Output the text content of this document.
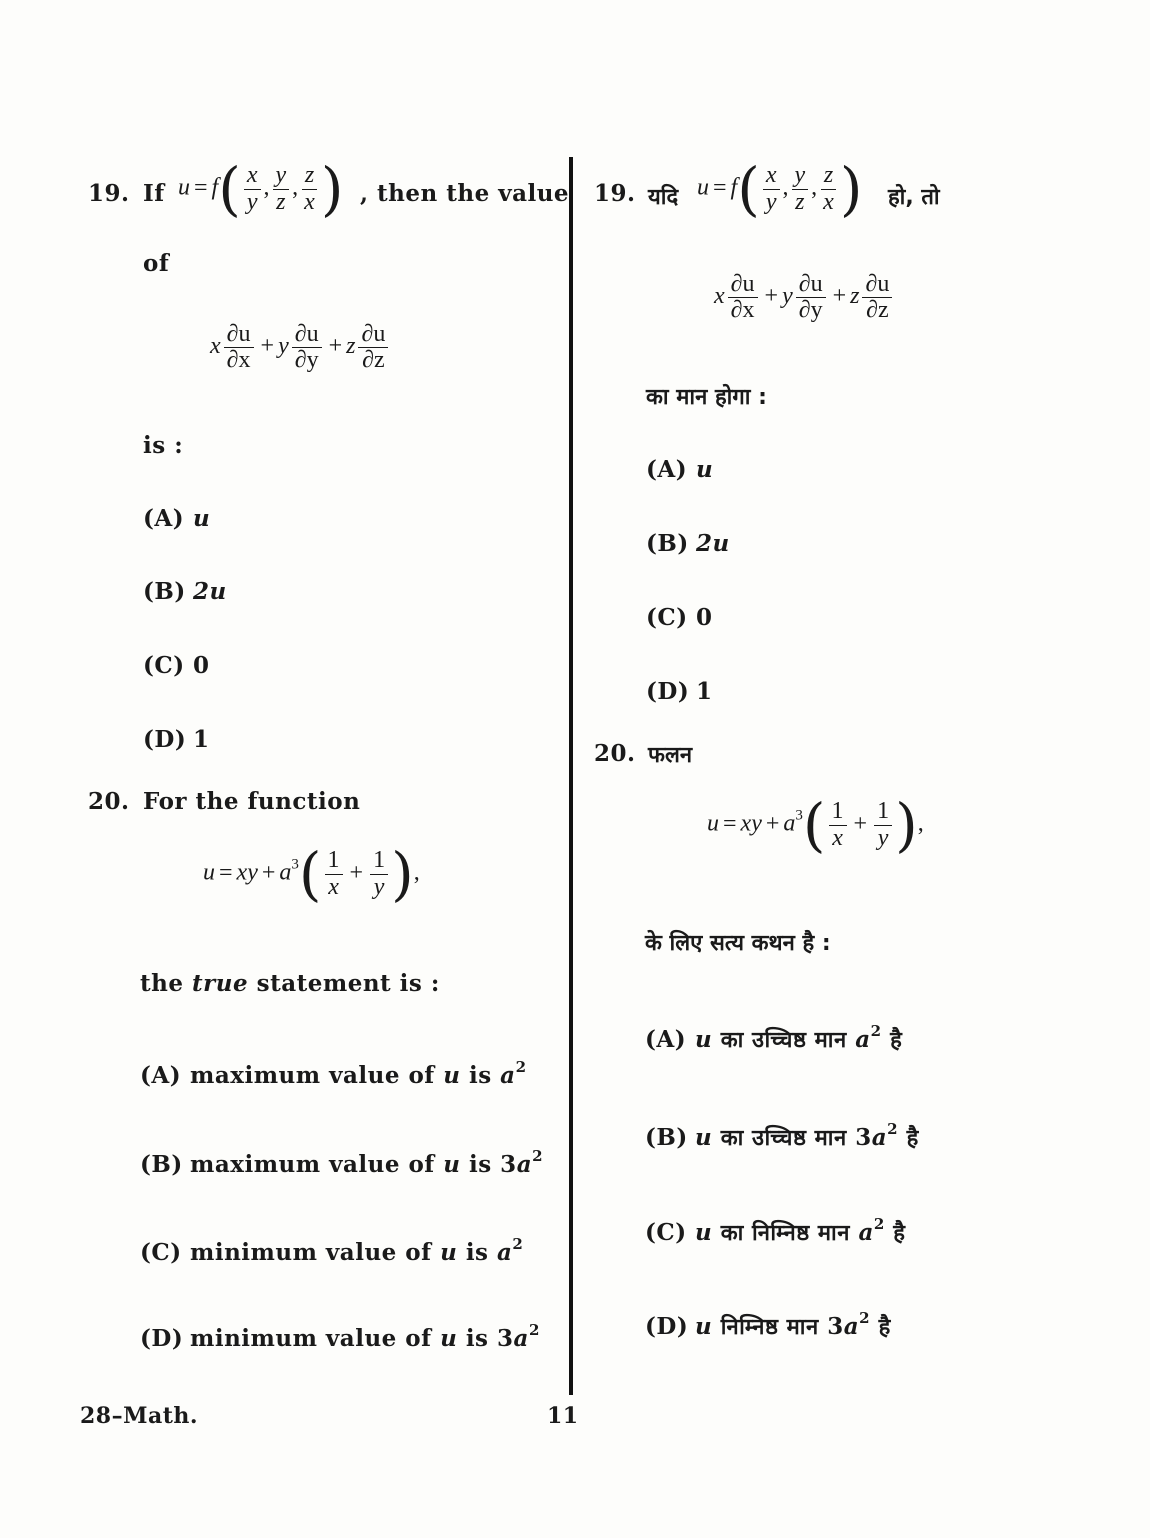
19. If $u = f( \frac{x}{y}$ , $\frac{y}{z}$ , $\frac{z}{x}$ ) , then the value
of
x $\frac{\partial u}{\partial x} + y \frac{\partial u}{\partial y} + z \frac{\partial u}{\partial z}$
is :
(A) u
(B) 2u
(C) 0
(D) 1
20. For the function
u = xy + $a^3( \frac{1}{x} + \frac{1}{y}$ ),
the true statement is :
(A) maximum value of u is $a^2$
(B) maximum value of u is $3a^2$
(C) minimum value of u is $a^2$
(D) minimum value of u is $3a^2$
19. यदि $u = f( \frac{x}{y}$ , $\frac{y}{z}$ , $\frac{z}{x}$ ) हो, तो
x $\frac{\partial u}{\partial x} + y \frac{\partial u}{\partial y} + z \frac{\partial u}{\partial z}$
का मान होगा :
(A) u
(B) 2u
(C) 0
(D) 1
20. फलन
u = xy + $a^3( \frac{1}{x} + \frac{1}{y}$ ),
के लिए सत्य कथन है :
(A) u का उच्चिष्ठ मान $a^2$ है
(B) u का उच्चिष्ठ मान $3a^2$ है
(C) u का निम्निष्ठ मान $a^2$ है
(D) u निम्निष्ठ मान $3a^2$ है
28–Math.	11
